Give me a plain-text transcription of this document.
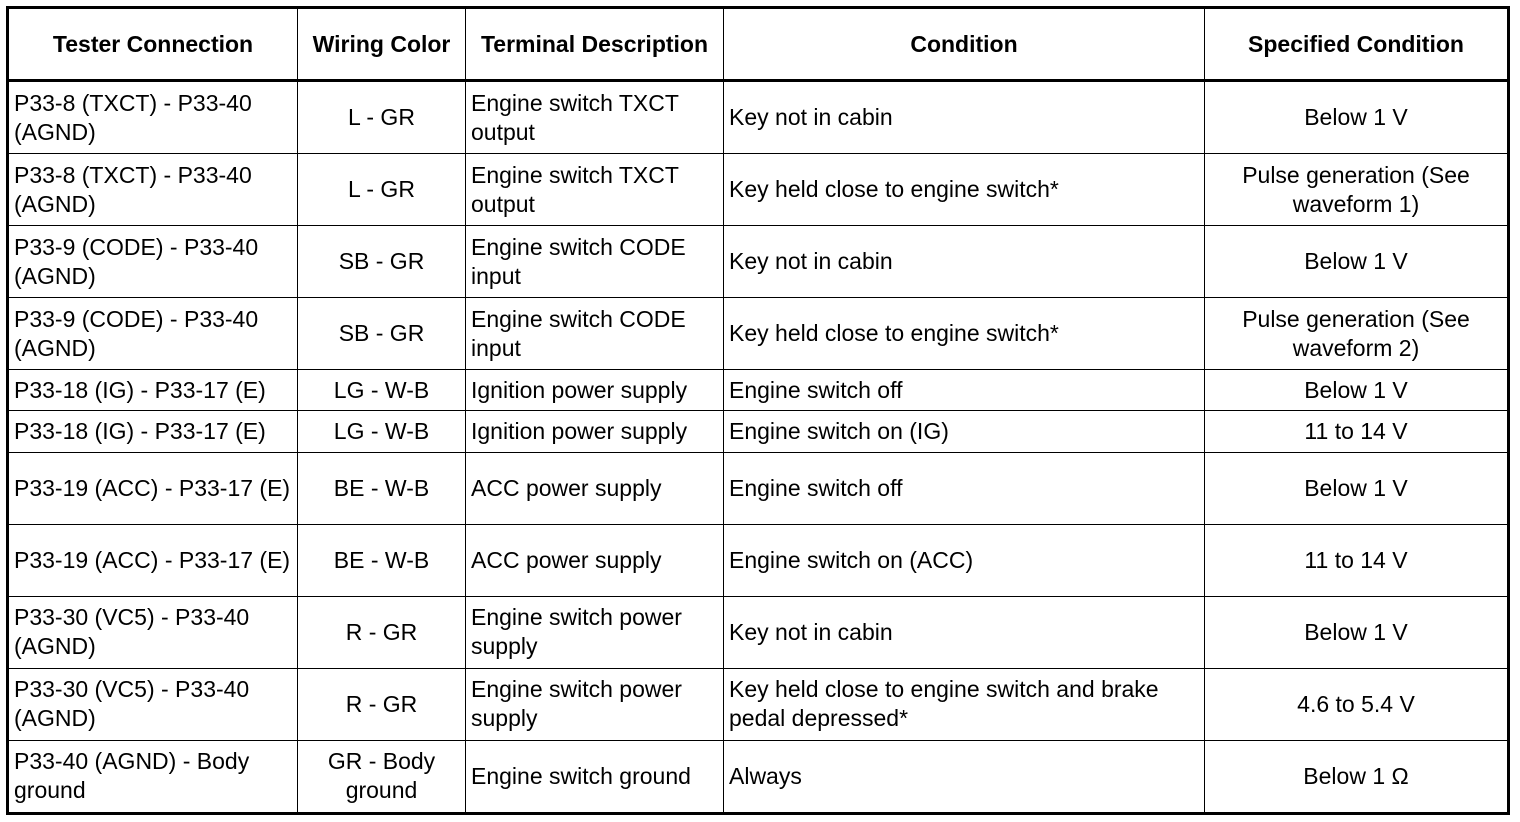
Tester Connection	Wiring Color	Terminal Description	Condition	Specified Condition
P33-8 (TXCT) - P33-40 (AGND)	L - GR	Engine switch TXCT output	Key not in cabin	Below 1 V
P33-8 (TXCT) - P33-40 (AGND)	L - GR	Engine switch TXCT output	Key held close to engine switch*	Pulse generation (See waveform 1)
P33-9 (CODE) - P33-40 (AGND)	SB - GR	Engine switch CODE input	Key not in cabin	Below 1 V
P33-9 (CODE) - P33-40 (AGND)	SB - GR	Engine switch CODE input	Key held close to engine switch*	Pulse generation (See waveform 2)
P33-18 (IG) - P33-17 (E)	LG - W-B	Ignition power supply	Engine switch off	Below 1 V
P33-18 (IG) - P33-17 (E)	LG - W-B	Ignition power supply	Engine switch on (IG)	11 to 14 V
P33-19 (ACC) - P33-17 (E)	BE - W-B	ACC power supply	Engine switch off	Below 1 V
P33-19 (ACC) - P33-17 (E)	BE - W-B	ACC power supply	Engine switch on (ACC)	11 to 14 V
P33-30 (VC5) - P33-40 (AGND)	R - GR	Engine switch power supply	Key not in cabin	Below 1 V
P33-30 (VC5) - P33-40 (AGND)	R - GR	Engine switch power supply	Key held close to engine switch and brake pedal depressed*	4.6 to 5.4 V
P33-40 (AGND) - Body ground	GR - Body ground	Engine switch ground	Always	Below 1 Ω
